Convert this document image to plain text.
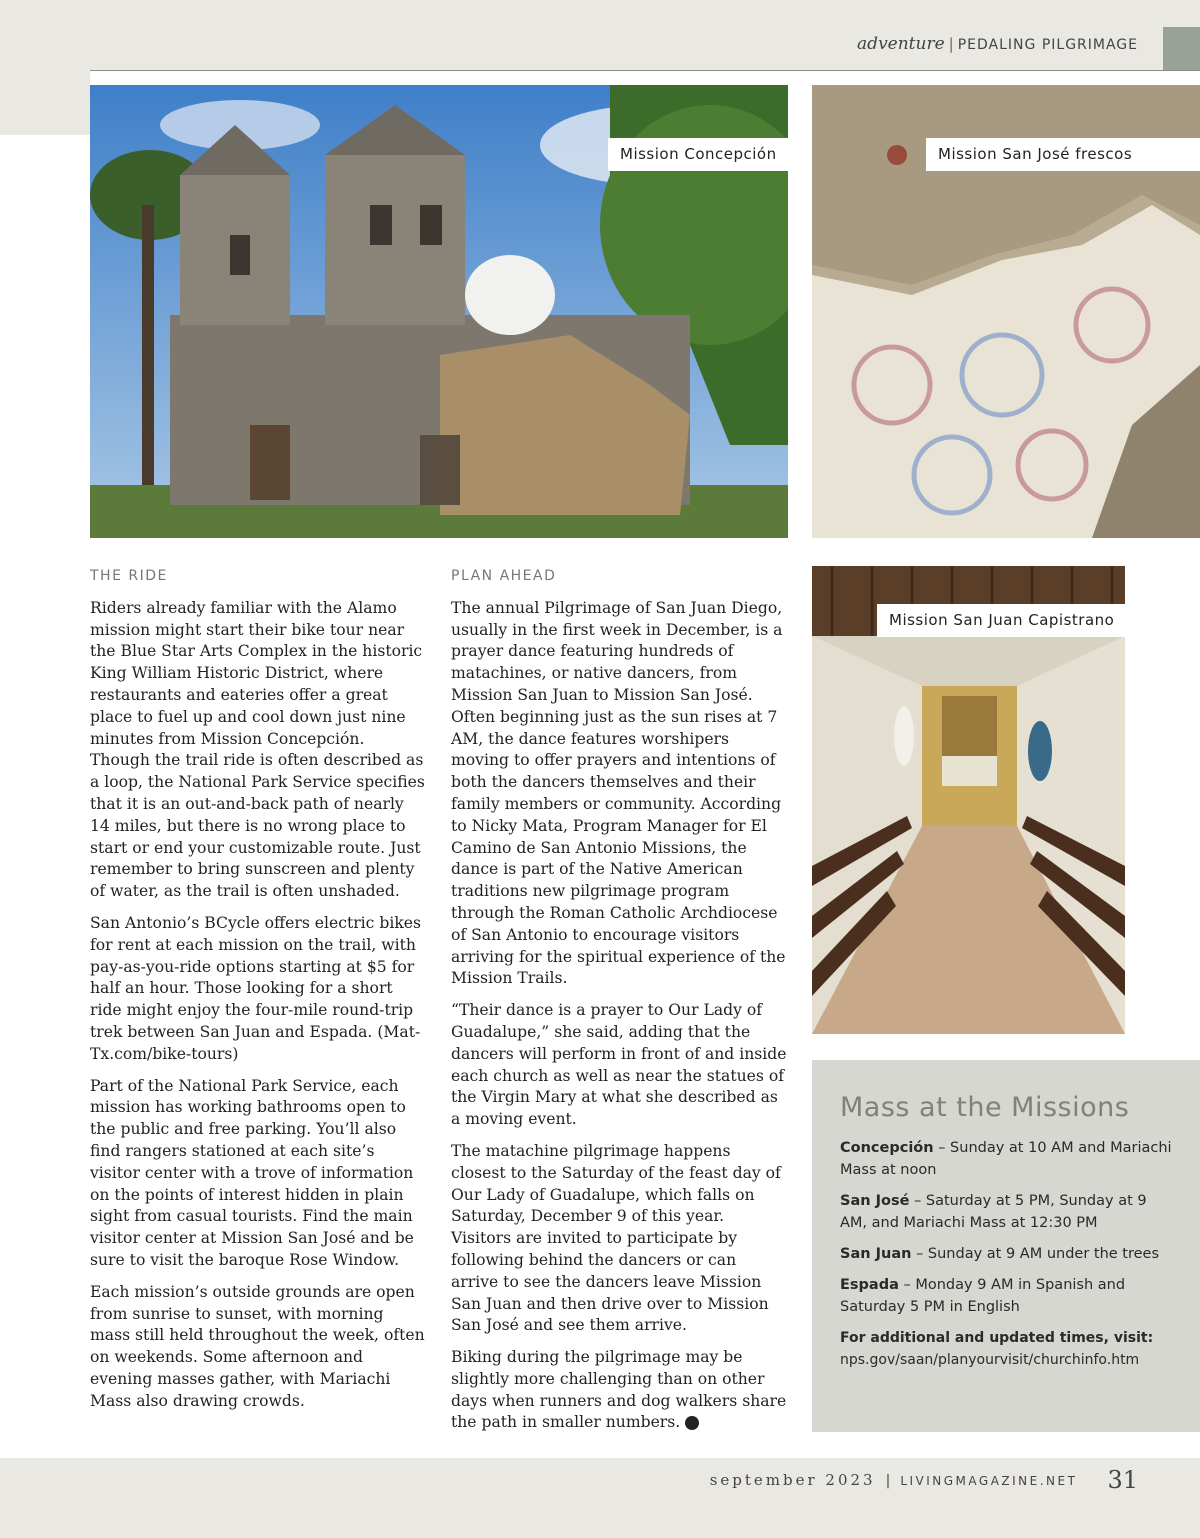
adventure | PEDALING PILGRIMAGE
Mission Concepción	Mission San José frescos
Mission San Juan Capistrano
THE RIDE

Riders already familiar with the Alamo mission might start their bike tour near the Blue Star Arts Complex in the historic King William Historic District, where restaurants and eateries offer a great place to fuel up and cool down just nine minutes from Mission Concepción. Though the trail ride is often described as a loop, the National Park Service specifies that it is an out-and-back path of nearly 14 miles, but there is no wrong place to start or end your customizable route. Just remember to bring sunscreen and plenty of water, as the trail is often unshaded.

San Antonio’s BCycle offers electric bikes for rent at each mission on the trail, with pay-as-you-ride options starting at $5 for half an hour. Those looking for a short ride might enjoy the four-mile round-trip trek between San Juan and Espada. (Mat-Tx.com/bike-tours)

Part of the National Park Service, each mission has working bathrooms open to the public and free parking. You’ll also find rangers stationed at each site’s visitor center with a trove of information on the points of interest hidden in plain sight from casual tourists. Find the main visitor center at Mission San José and be sure to visit the baroque Rose Window.

Each mission’s outside grounds are open from sunrise to sunset, with morning mass still held throughout the week, often on weekends. Some afternoon and evening masses gather, with Mariachi Mass also drawing crowds.

PLAN AHEAD

The annual Pilgrimage of San Juan Diego, usually in the first week in December, is a prayer dance featuring hundreds of matachines, or native dancers, from Mission San Juan to Mission San José. Often beginning just as the sun rises at 7 AM, the dance features worshipers moving to offer prayers and intentions of both the dancers themselves and their family members or community. According to Nicky Mata, Program Manager for El Camino de San Antonio Missions, the dance is part of the Native American traditions new pilgrimage program through the Roman Catholic Archdiocese of San Antonio to encourage visitors arriving for the spiritual experience of the Mission Trails.

“Their dance is a prayer to Our Lady of Guadalupe,” she said, adding that the dancers will perform in front of and inside each church as well as near the statues of the Virgin Mary at what she described as a moving event.

The matachine pilgrimage happens closest to the Saturday of the feast day of Our Lady of Guadalupe, which falls on Saturday, December 9 of this year. Visitors are invited to participate by following behind the dancers or can arrive to see the dancers leave Mission San Juan and then drive over to Mission San José and see them arrive.

Biking during the pilgrimage may be slightly more challenging than on other days when runners and dog walkers share the path in smaller numbers.

Mass at the Missions
Concepción – Sunday at 10 AM and Mariachi Mass at noon
San José – Saturday at 5 PM, Sunday at 9 AM, and Mariachi Mass at 12:30 PM
San Juan – Sunday at 9 AM under the trees
Espada – Monday 9 AM in Spanish and Saturday 5 PM in English
For additional and updated times, visit:
nps.gov/saan/planyourvisit/churchinfo.htm
september 2023 | LIVINGMAGAZINE.NET 31
